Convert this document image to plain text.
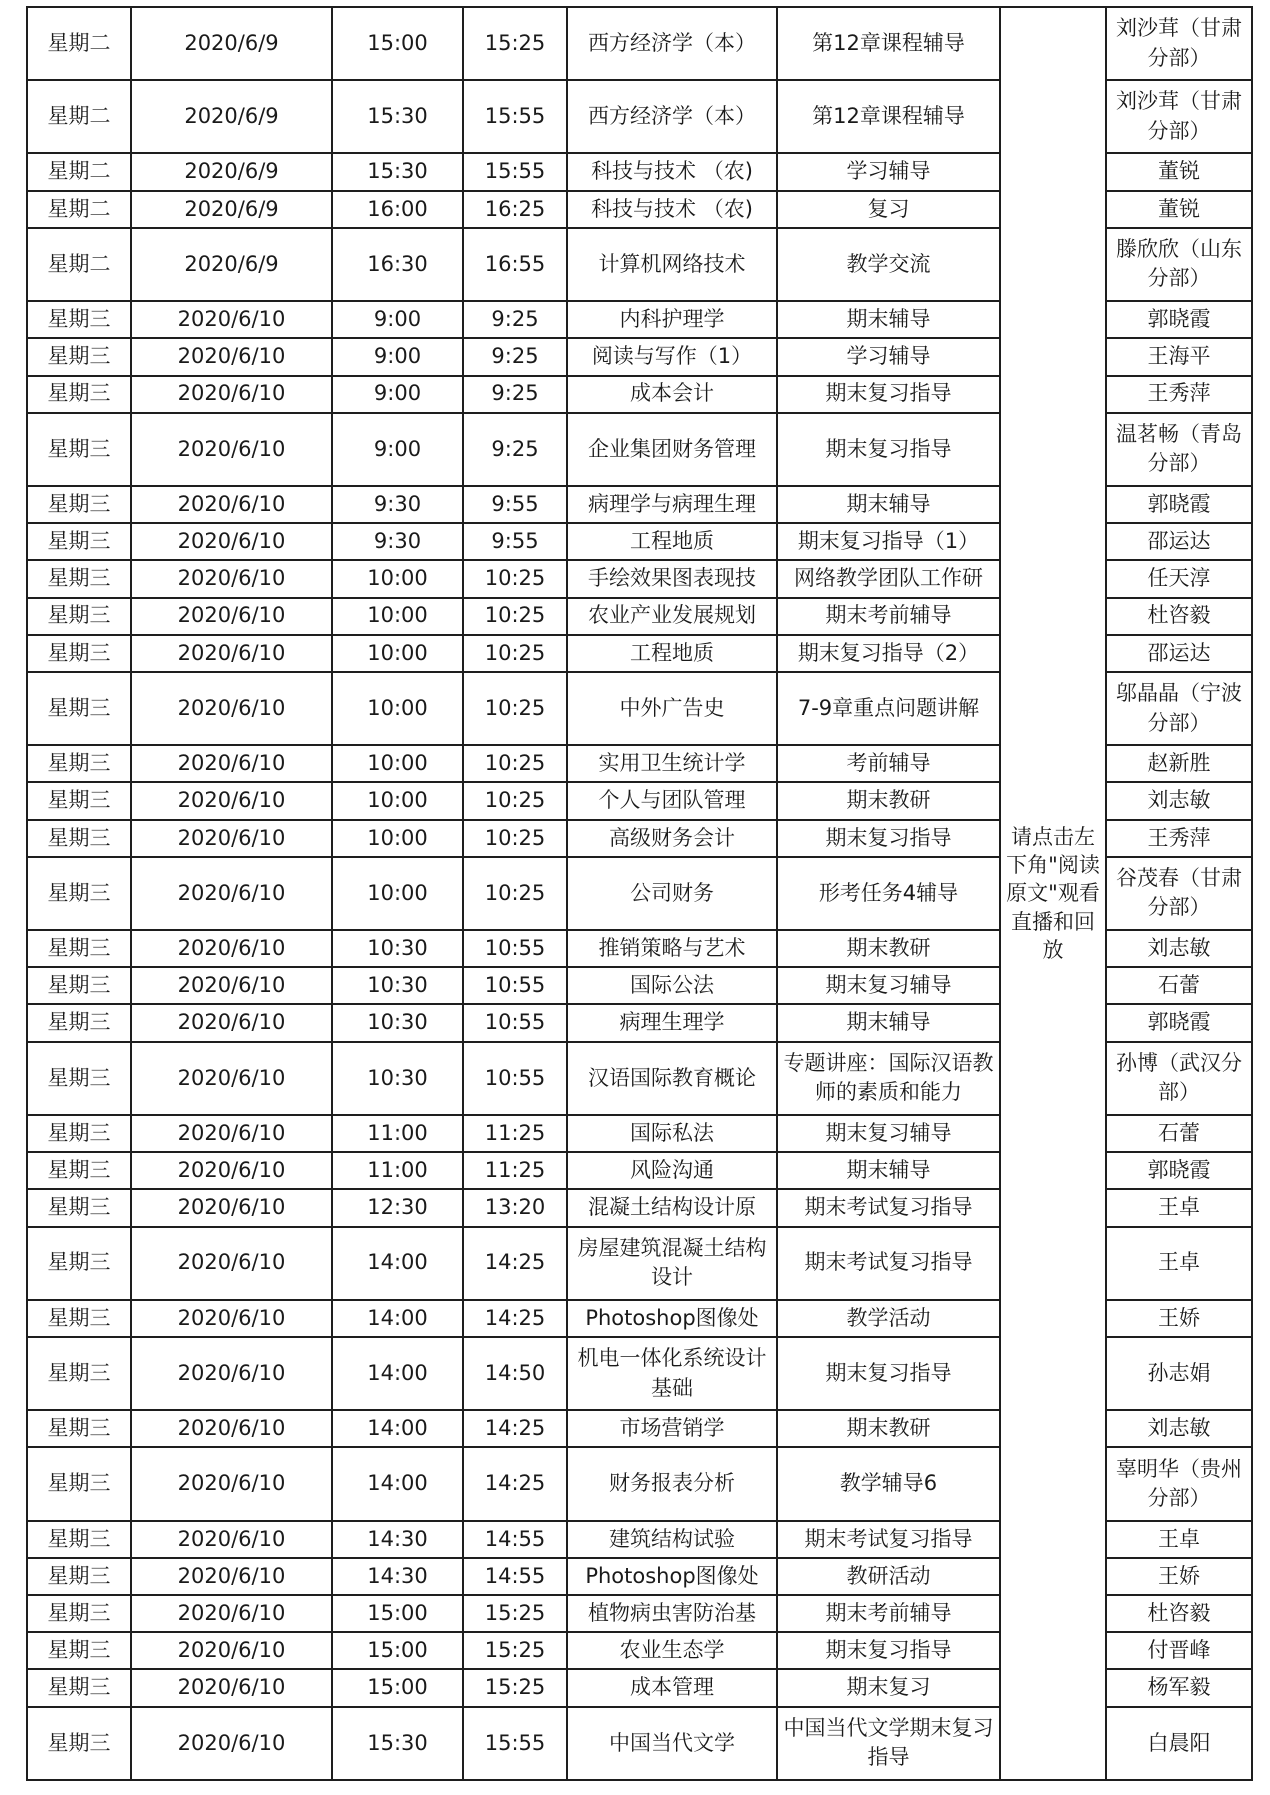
星期二	2020/6/9	15:00	15:25	西方经济学（本）	第12章课程辅导	请点击左下角"阅读原文"观看直播和回放	刘沙茸（甘肃分部）
星期二	2020/6/9	15:30	15:55	西方经济学（本）	第12章课程辅导		刘沙茸（甘肃分部）
星期二	2020/6/9	15:30	15:55	科技与技术 （农)	学习辅导		董锐
星期二	2020/6/9	16:00	16:25	科技与技术 （农)	复习		董锐
星期二	2020/6/9	16:30	16:55	计算机网络技术	教学交流		滕欣欣（山东分部）
星期三	2020/6/10	9:00	9:25	内科护理学	期末辅导		郭晓霞
星期三	2020/6/10	9:00	9:25	阅读与写作（1）	学习辅导		王海平
星期三	2020/6/10	9:00	9:25	成本会计	期末复习指导		王秀萍
星期三	2020/6/10	9:00	9:25	企业集团财务管理	期末复习指导		温茗畅（青岛分部）
星期三	2020/6/10	9:30	9:55	病理学与病理生理	期末辅导		郭晓霞
星期三	2020/6/10	9:30	9:55	工程地质	期末复习指导（1）		邵运达
星期三	2020/6/10	10:00	10:25	手绘效果图表现技	网络教学团队工作研		任天淳
星期三	2020/6/10	10:00	10:25	农业产业发展规划	期末考前辅导		杜咨毅
星期三	2020/6/10	10:00	10:25	工程地质	期末复习指导（2）		邵运达
星期三	2020/6/10	10:00	10:25	中外广告史	7-9章重点问题讲解		邬晶晶（宁波分部）
星期三	2020/6/10	10:00	10:25	实用卫生统计学	考前辅导		赵新胜
星期三	2020/6/10	10:00	10:25	个人与团队管理	期末教研		刘志敏
星期三	2020/6/10	10:00	10:25	高级财务会计	期末复习指导		王秀萍
星期三	2020/6/10	10:00	10:25	公司财务	形考任务4辅导		谷茂春（甘肃分部）
星期三	2020/6/10	10:30	10:55	推销策略与艺术	期末教研		刘志敏
星期三	2020/6/10	10:30	10:55	国际公法	期末复习辅导		石蕾
星期三	2020/6/10	10:30	10:55	病理生理学	期末辅导		郭晓霞
星期三	2020/6/10	10:30	10:55	汉语国际教育概论	专题讲座：国际汉语教师的素质和能力		孙博（武汉分部）
星期三	2020/6/10	11:00	11:25	国际私法	期末复习辅导		石蕾
星期三	2020/6/10	11:00	11:25	风险沟通	期末辅导		郭晓霞
星期三	2020/6/10	12:30	13:20	混凝土结构设计原	期末考试复习指导		王卓
星期三	2020/6/10	14:00	14:25	房屋建筑混凝土结构设计	期末考试复习指导		王卓
星期三	2020/6/10	14:00	14:25	Photoshop图像处	教学活动		王娇
星期三	2020/6/10	14:00	14:50	机电一体化系统设计基础	期末复习指导		孙志娟
星期三	2020/6/10	14:00	14:25	市场营销学	期末教研		刘志敏
星期三	2020/6/10	14:00	14:25	财务报表分析	教学辅导6		辜明华（贵州分部）
星期三	2020/6/10	14:30	14:55	建筑结构试验	期末考试复习指导		王卓
星期三	2020/6/10	14:30	14:55	Photoshop图像处	教研活动		王娇
星期三	2020/6/10	15:00	15:25	植物病虫害防治基	期末考前辅导		杜咨毅
星期三	2020/6/10	15:00	15:25	农业生态学	期末复习指导		付晋峰
星期三	2020/6/10	15:00	15:25	成本管理	期末复习		杨军毅
星期三	2020/6/10	15:30	15:55	中国当代文学	中国当代文学期末复习指导		白晨阳
